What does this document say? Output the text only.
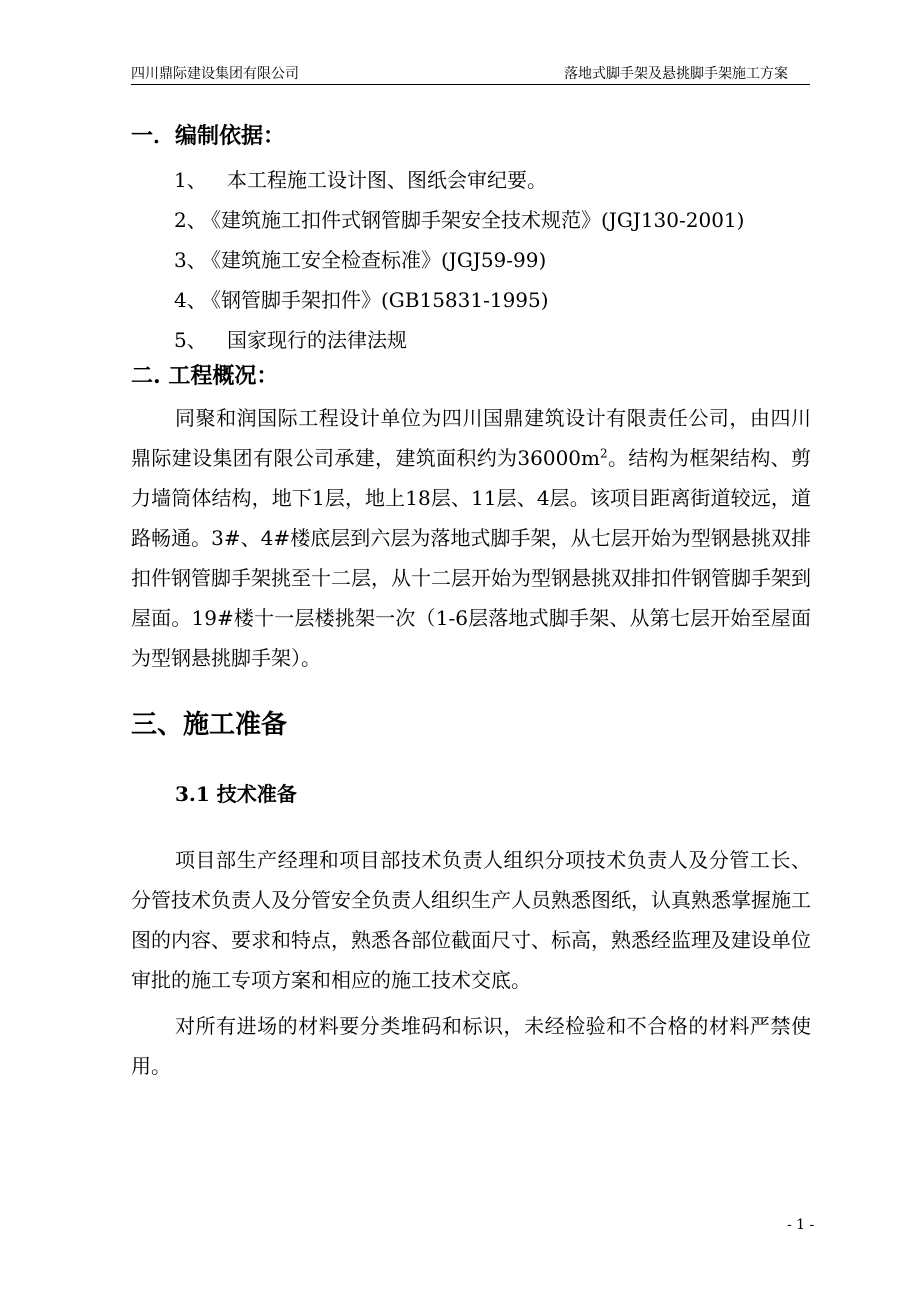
四川鼎际建设集团有限公司	落地式脚手架及悬挑脚手架施工方案

一．编制依据：

1、 本工程施工设计图、图纸会审纪要。
2、
《建筑施工扣件式钢管脚手架安全技术规范》(JGJ130-2001)
3、
《建筑施工安全检查标准》(JGJ59-99)
4、
《钢管脚手架扣件》(GB15831-1995)
5、 国家现行的法律法规

二. 工程概况：

同聚和润国际工程设计单位为四川国鼎建筑设计有限责任公司，由四川鼎际建设集团有限公司承建，建筑面积约为$36000m^2$。结构为框架结构、剪力墙筒体结构，地下1层，地上18层、11层、4层。该项目距离街道较远，道路畅通。3#、4#楼底层到六层为落地式脚手架，从七层开始为型钢悬挑双排扣件钢管脚手架挑至十二层，从十二层开始为型钢悬挑双排扣件钢管脚手架到屋面。19#楼十一层楼挑架一次（1-6层落地式脚手架、从第七层开始至屋面为型钢悬挑脚手架）。

三、施工准备

3.1 技术准备

项目部生产经理和项目部技术负责人组织分项技术负责人及分管工长、分管技术负责人及分管安全负责人组织生产人员熟悉图纸，认真熟悉掌握施工图的内容、要求和特点，熟悉各部位截面尺寸、标高，熟悉经监理及建设单位审批的施工专项方案和相应的施工技术交底。

对所有进场的材料要分类堆码和标识，未经检验和不合格的材料严禁使用。

- 1 -
